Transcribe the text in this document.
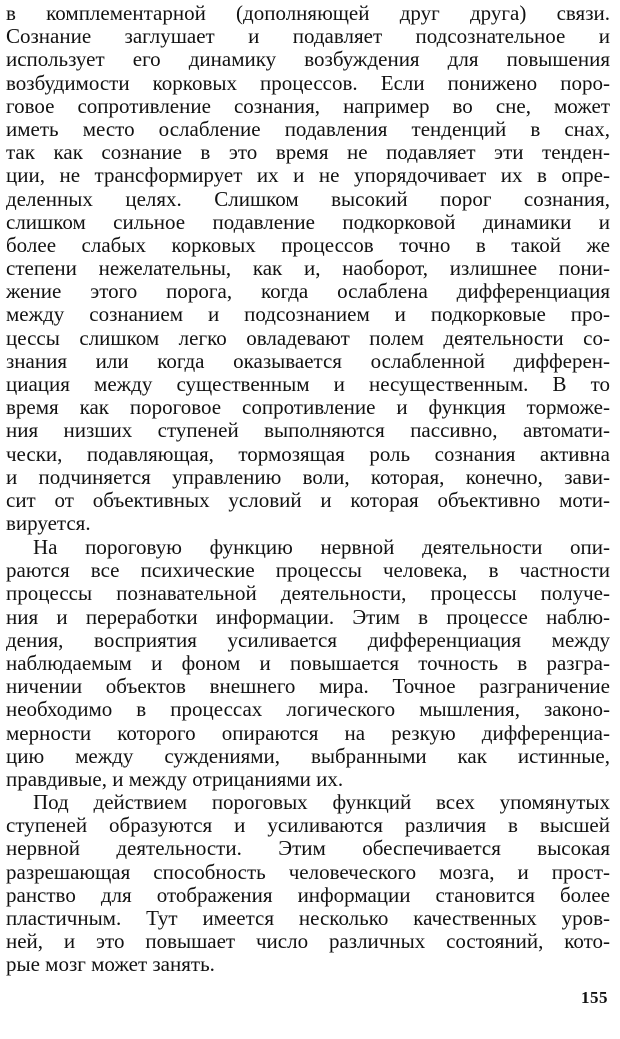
в комплементарной (дополняющей друг друга) связи.
Сознание заглушает и подавляет подсознательное и
использует его динамику возбуждения для повышения
возбудимости корковых процессов. Если понижено поро-
говое сопротивление сознания, например во сне, может
иметь место ослабление подавления тенденций в снах,
так как сознание в это время не подавляет эти тенден-
ции, не трансформирует их и не упорядочивает их в опре-
деленных целях. Слишком высокий порог сознания,
слишком сильное подавление подкорковой динамики и
более слабых корковых процессов точно в такой же
степени нежелательны, как и, наоборот, излишнее пони-
жение этого порога, когда ослаблена дифференциация
между сознанием и подсознанием и подкорковые про-
цессы слишком легко овладевают полем деятельности со-
знания или когда оказывается ослабленной дифферен-
циация между существенным и несущественным. В то
время как пороговое сопротивление и функция торможе-
ния низших ступеней выполняются пассивно, автомати-
чески, подавляющая, тормозящая роль сознания активна
и подчиняется управлению воли, которая, конечно, зави-
сит от объективных условий и которая объективно моти-
вируется.
На пороговую функцию нервной деятельности опи-
раются все психические процессы человека, в частности
процессы познавательной деятельности, процессы получе-
ния и переработки информации. Этим в процессе наблю-
дения, восприятия усиливается дифференциация между
наблюдаемым и фоном и повышается точность в разгра-
ничении объектов внешнего мира. Точное разграничение
необходимо в процессах логического мышления, законо-
мерности которого опираются на резкую дифференциа-
цию между суждениями, выбранными как истинные,
правдивые, и между отрицаниями их.
Под действием пороговых функций всех упомянутых
ступеней образуются и усиливаются различия в высшей
нервной деятельности. Этим обеспечивается высокая
разрешающая способность человеческого мозга, и прост-
ранство для отображения информации становится более
пластичным. Тут имеется несколько качественных уров-
ней, и это повышает число различных состояний, кото-
рые мозг может занять.
155
